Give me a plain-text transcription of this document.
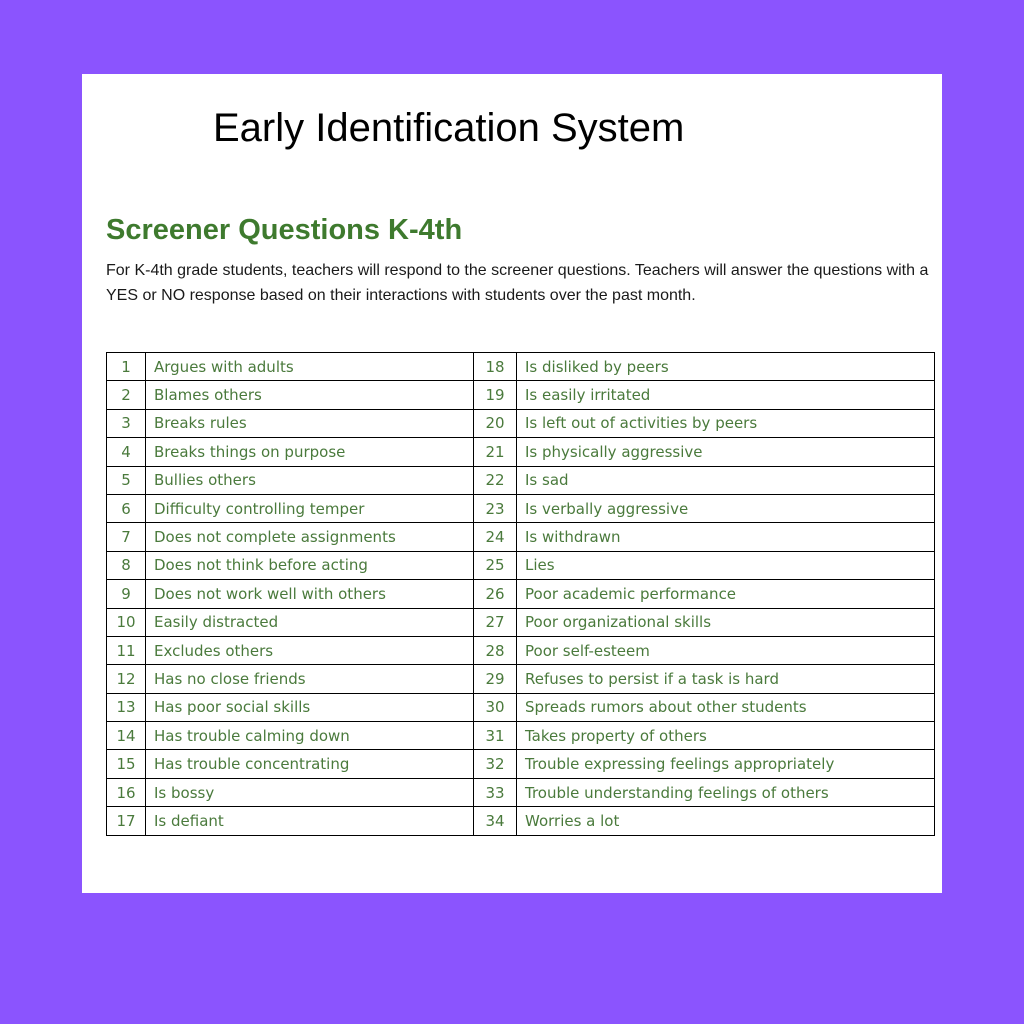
Early Identification System
Screener Questions K-4th

For K-4th grade students, teachers will respond to the screener questions. Teachers will answer the questions with a YES or NO response based on their interactions with students over the past month.

1	Argues with adults	18	Is disliked by peers
2	Blames others	19	Is easily irritated
3	Breaks rules	20	Is left out of activities by peers
4	Breaks things on purpose	21	Is physically aggressive
5	Bullies others	22	Is sad
6	Difficulty controlling temper	23	Is verbally aggressive
7	Does not complete assignments	24	Is withdrawn
8	Does not think before acting	25	Lies
9	Does not work well with others	26	Poor academic performance
10	Easily distracted	27	Poor organizational skills
11	Excludes others	28	Poor self-esteem
12	Has no close friends	29	Refuses to persist if a task is hard
13	Has poor social skills	30	Spreads rumors about other students
14	Has trouble calming down	31	Takes property of others
15	Has trouble concentrating	32	Trouble expressing feelings appropriately
16	Is bossy	33	Trouble understanding feelings of others
17	Is defiant	34	Worries a lot
